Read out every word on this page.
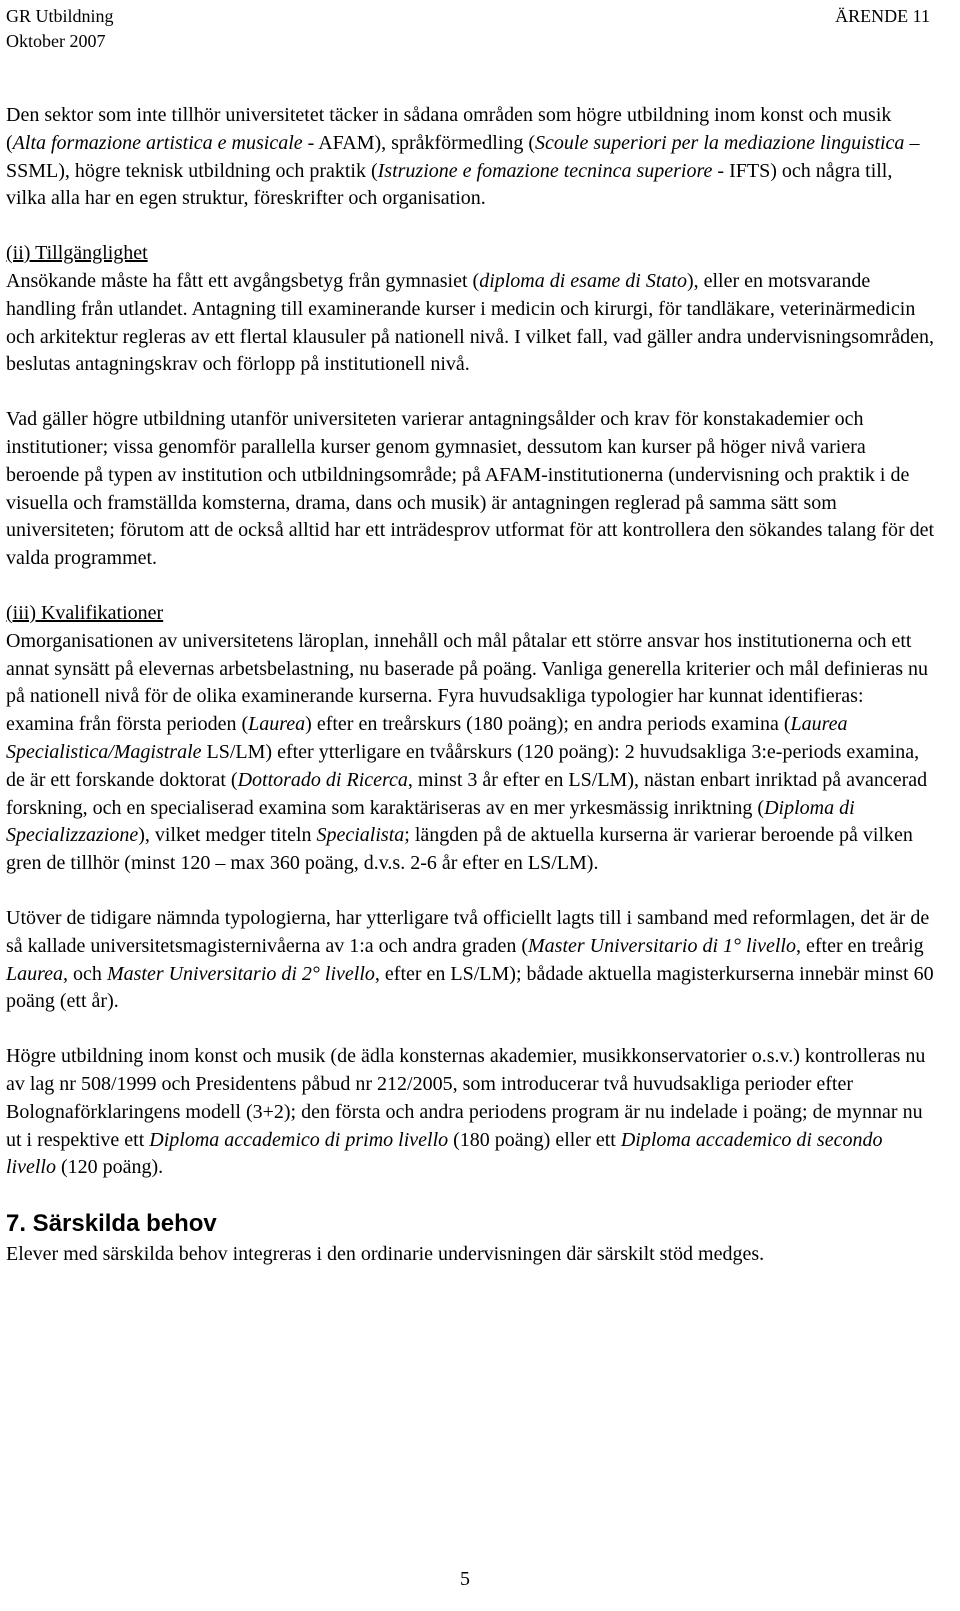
GR Utbildning
Oktober 2007
ÄRENDE 11

Den sektor som inte tillhör universitetet täcker in sådana områden som högre utbildning inom konst och musik (Alta formazione artistica e musicale - AFAM), språkförmedling (Scoule superiori per la mediazione linguistica – SSML), högre teknisk utbildning och praktik (Istruzione e fomazione tecninca superiore - IFTS) och några till, vilka alla har en egen struktur, föreskrifter och organisation.

(ii) Tillgänglighet
Ansökande måste ha fått ett avgångsbetyg från gymnasiet (diploma di esame di Stato), eller en motsvarande handling från utlandet. Antagning till examinerande kurser i medicin och kirurgi, för tandläkare, veterinärmedicin och arkitektur regleras av ett flertal klausuler på nationell nivå. I vilket fall, vad gäller andra undervisningsområden, beslutas antagningskrav och förlopp på institutionell nivå.

Vad gäller högre utbildning utanför universiteten varierar antagningsålder och krav för konstakademier och institutioner; vissa genomför parallella kurser genom gymnasiet, dessutom kan kurser på höger nivå variera beroende på typen av institution och utbildningsområde; på AFAM-institutionerna (undervisning och praktik i de visuella och framställda komsterna, drama, dans och musik) är antagningen reglerad på samma sätt som universiteten; förutom att de också alltid har ett inträdesprov utformat för att kontrollera den sökandes talang för det valda programmet.

(iii) Kvalifikationer
Omorganisationen av universitetens läroplan, innehåll och mål påtalar ett större ansvar hos institutionerna och ett annat synsätt på elevernas arbetsbelastning, nu baserade på poäng. Vanliga generella kriterier och mål definieras nu på nationell nivå för de olika examinerande kurserna. Fyra huvudsakliga typologier har kunnat identifieras: examina från första perioden (Laurea) efter en treårskurs (180 poäng); en andra periods examina (Laurea Specialistica/Magistrale LS/LM) efter ytterligare en tvåårskurs (120 poäng): 2 huvudsakliga 3:e-periods examina, de är ett forskande doktorat (Dottorado di Ricerca, minst 3 år efter en LS/LM), nästan enbart inriktad på avancerad forskning, och en specialiserad examina som karaktäriseras av en mer yrkesmässig inriktning (Diploma di Specializzazione), vilket medger titeln Specialista; längden på de aktuella kurserna är varierar beroende på vilken gren de tillhör (minst 120 – max 360 poäng, d.v.s. 2-6 år efter en LS/LM).

Utöver de tidigare nämnda typologierna, har ytterligare två officiellt lagts till i samband med reformlagen, det är de så kallade universitetsmagisternivåerna av 1:a och andra graden (Master Universitario di 1° livello, efter en treårig Laurea, och Master Universitario di 2° livello, efter en LS/LM); bådade aktuella magisterkurserna innebär minst 60 poäng (ett år).

Högre utbildning inom konst och musik (de ädla konsternas akademier, musikkonservatorier o.s.v.) kontrolleras nu av lag nr 508/1999 och Presidentens påbud nr 212/2005, som introducerar två huvudsakliga perioder efter Bolognaförklaringens modell (3+2); den första och andra periodens program är nu indelade i poäng; de mynnar nu ut i respektive ett Diploma accademico di primo livello (180 poäng) eller ett Diploma accademico di secondo livello (120 poäng).

7. Särskilda behov

Elever med särskilda behov integreras i den ordinarie undervisningen där särskilt stöd medges.

5
